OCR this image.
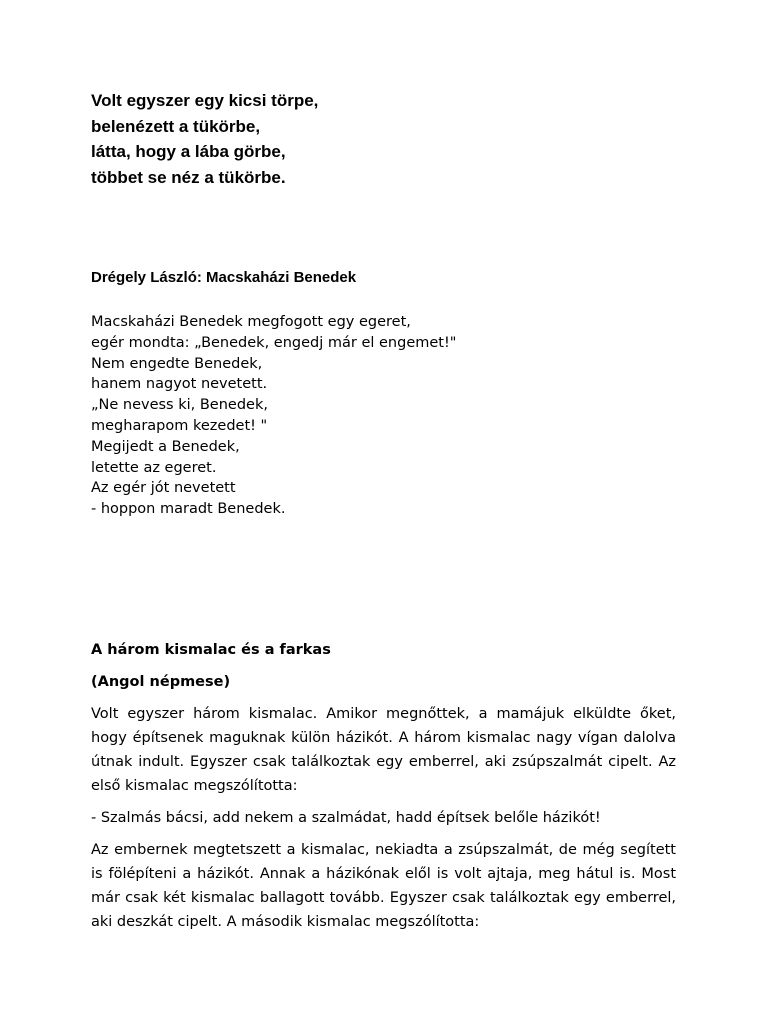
Volt egyszer egy kicsi törpe,
belenézett a tükörbe,
látta, hogy a lába görbe,
többet se néz a tükörbe.
Drégely László: Macskaházi Benedek
Macskaházi Benedek megfogott egy egeret,
egér mondta: „Benedek, engedj már el engemet!"
Nem engedte Benedek,
hanem nagyot nevetett.
„Ne nevess ki, Benedek,
megharapom kezedet! "
Megijedt a Benedek,
letette az egeret.
Az egér jót nevetett
- hoppon maradt Benedek.

A három kismalac és a farkas

(Angol népmese)

Volt egyszer három kismalac. Amikor megnőttek, a mamájuk elküldte őket, hogy építsenek maguknak külön házikót. A három kismalac nagy vígan dalolva útnak indult. Egyszer csak találkoztak egy emberrel, aki zsúpszalmát cipelt. Az első kismalac megszólította:

- Szalmás bácsi, add nekem a szalmádat, hadd építsek belőle házikót!

Az embernek megtetszett a kismalac, nekiadta a zsúpszalmát, de még segített is fölépíteni a házikót. Annak a házikónak elől is volt ajtaja, meg hátul is. Most már csak két kismalac ballagott tovább. Egyszer csak találkoztak egy emberrel, aki deszkát cipelt. A második kismalac megszólította:
